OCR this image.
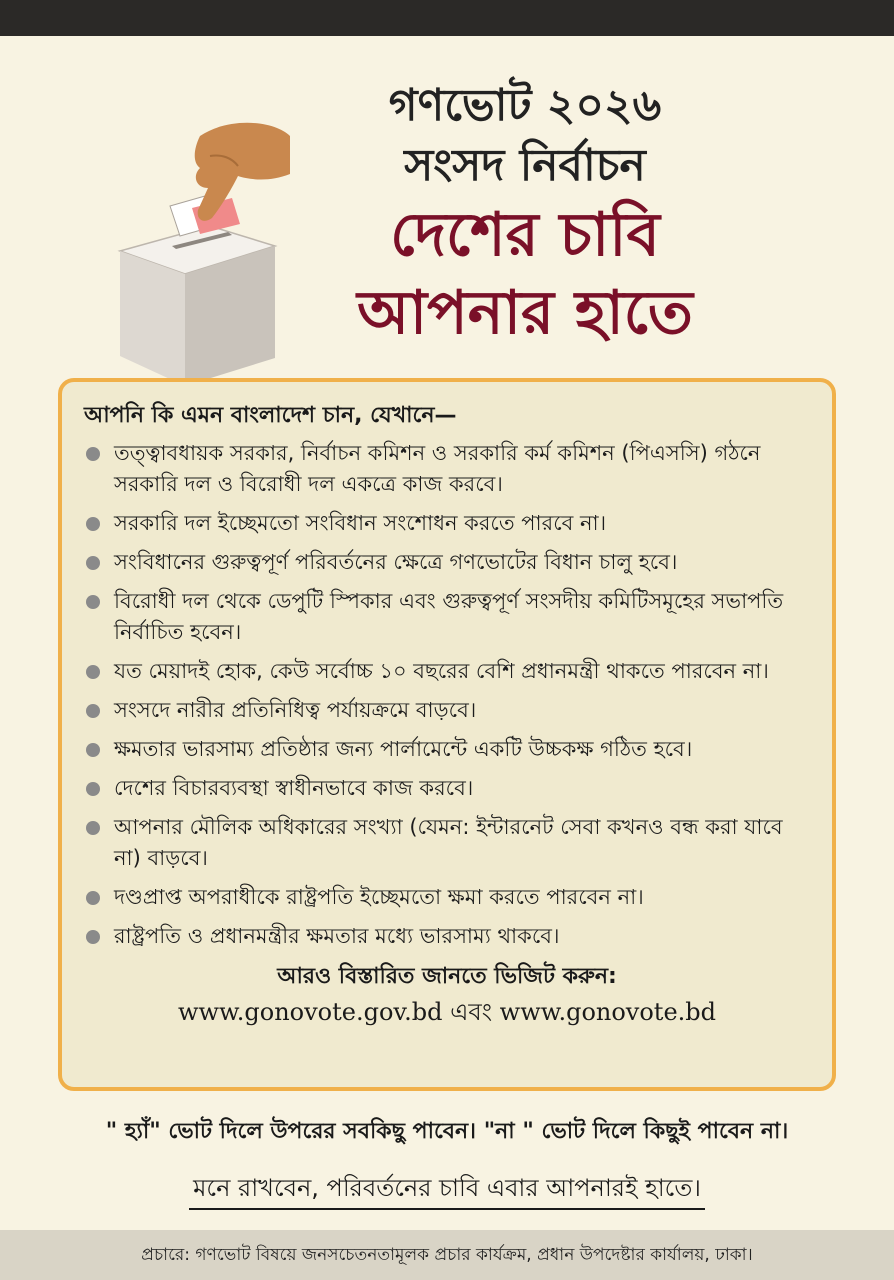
গণভোট ২০২৬
সংসদ নির্বাচন
দেশের চাবি
আপনার হাতে
আপনি কি এমন বাংলাদেশ চান, যেখানে—
তত্ত্বাবধায়ক সরকার, নির্বাচন কমিশন ও সরকারি কর্ম কমিশন (পিএসসি) গঠনে সরকারি দল ও বিরোধী দল একত্রে কাজ করবে।
সরকারি দল ইচ্ছেমতো সংবিধান সংশোধন করতে পারবে না।
সংবিধানের গুরুত্বপূর্ণ পরিবর্তনের ক্ষেত্রে গণভোটের বিধান চালু হবে।
বিরোধী দল থেকে ডেপুটি স্পিকার এবং গুরুত্বপূর্ণ সংসদীয় কমিটিসমূহের সভাপতি নির্বাচিত হবেন।
যত মেয়াদই হোক, কেউ সর্বোচ্চ ১০ বছরের বেশি প্রধানমন্ত্রী থাকতে পারবেন না।
সংসদে নারীর প্রতিনিধিত্ব পর্যায়ক্রমে বাড়বে।
ক্ষমতার ভারসাম্য প্রতিষ্ঠার জন্য পার্লামেন্টে একটি উচ্চকক্ষ গঠিত হবে।
দেশের বিচারব্যবস্থা স্বাধীনভাবে কাজ করবে।
আপনার মৌলিক অধিকারের সংখ্যা (যেমন: ইন্টারনেট সেবা কখনও বন্ধ করা যাবে না) বাড়বে।
দণ্ডপ্রাপ্ত অপরাধীকে রাষ্ট্রপতি ইচ্ছেমতো ক্ষমা করতে পারবেন না।
রাষ্ট্রপতি ও প্রধানমন্ত্রীর ক্ষমতার মধ্যে ভারসাম্য থাকবে।
আরও বিস্তারিত জানতে ভিজিট করুন:
www.gonovote.gov.bd এবং www.gonovote.bd
" হ্যাঁ" ভোট দিলে উপরের সবকিছু পাবেন। "না " ভোট দিলে কিছুই পাবেন না।
মনে রাখবেন, পরিবর্তনের চাবি এবার আপনারই হাতে।
প্রচারে: গণভোট বিষয়ে জনসচেতনতামূলক প্রচার কার্যক্রম, প্রধান উপদেষ্টার কার্যালয়, ঢাকা।
